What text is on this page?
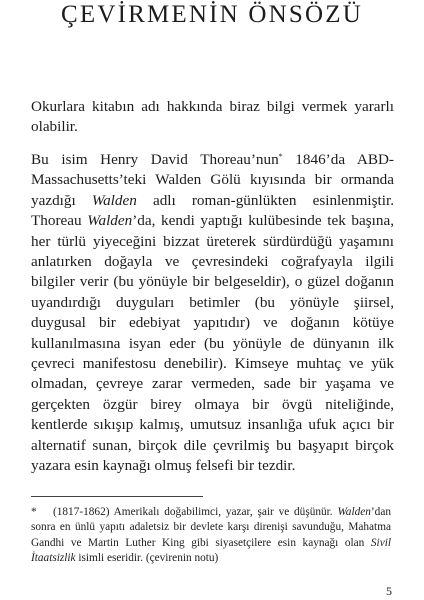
ÇEVİRMENİN ÖNSÖZÜ

Okurlara kitabın adı hakkında biraz bilgi vermek yararlı olabilir.

Bu isim Henry David Thoreau’nun* 1846’da ABD-Massachusetts’teki Walden Gölü kıyısında bir ormanda yazdığı Walden adlı roman-günlükten esinlenmiştir. Thoreau Walden’da, kendi yaptığı kulübesinde tek başına, her türlü yiyeceğini bizzat üreterek sürdürdüğü yaşamını anlatırken doğayla ve çevresindeki coğrafyayla ilgili bilgiler verir (bu yönüyle bir belgeseldir), o güzel doğanın uyandırdığı duyguları betimler (bu yönüyle şiirsel, duygusal bir edebiyat yapıtıdır) ve doğanın kötüye kullanılmasına isyan eder (bu yönüyle de dünyanın ilk çevreci manifestosu denebilir). Kimseye muhtaç ve yük olmadan, çevreye zarar vermeden, sade bir yaşama ve gerçekten özgür birey olmaya bir övgü niteliğinde, kentlerde sıkışıp kalmış, umutsuz insanlığa ufuk açıcı bir alternatif sunan, birçok dile çevrilmiş bu başyapıt birçok yazara esin kaynağı olmuş felsefi bir tezdir.

* (1817-1862) Amerikalı doğabilimci, yazar, şair ve düşünür. Walden’dan sonra en ünlü yapıtı adaletsiz bir devlete karşı direnişi savunduğu, Mahatma Gandhi ve Martin Luther King gibi siyasetçilere esin kaynağı olan Sivil İtaatsizlik isimli eseridir. (çevirenin notu)

5
